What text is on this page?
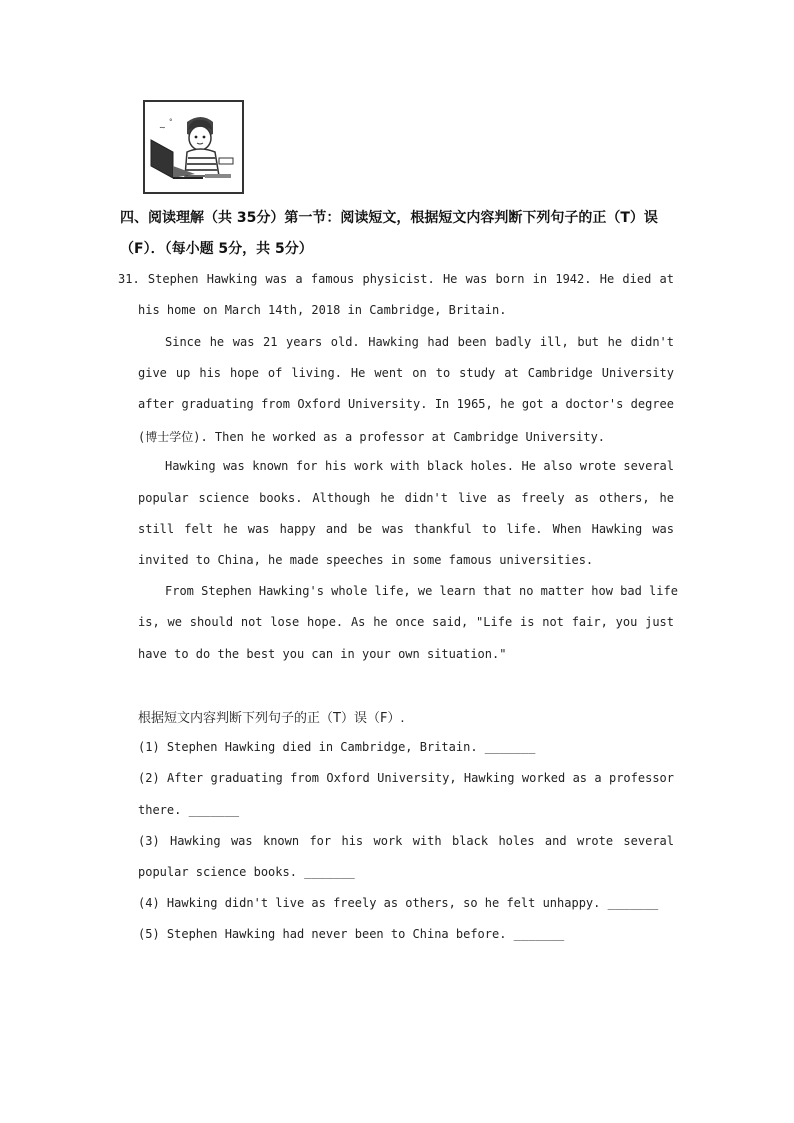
∼
°
四、阅读理解（共 35分）第一节：阅读短文，根据短文内容判断下列句子的正（T）误
（F）．（每小题 5分，共 5分）
31. Stephen Hawking was a famous physicist. He was born in 1942. He died at
his home on March 14th, 2018 in Cambridge, Britain.
Since he was 21 years old. Hawking had been badly ill, but he didn't
give up his hope of living. He went on to study at Cambridge University
after graduating from Oxford University. In 1965, he got a doctor's degree
(博士学位). Then he worked as a professor at Cambridge University.
Hawking was known for his work with black holes. He also wrote several
popular science books. Although he didn't live as freely as others, he
still felt he was happy and be was thankful to life. When Hawking was
invited to China, he made speeches in some famous universities.
From Stephen Hawking's whole life, we learn that no matter how bad life
is, we should not lose hope. As he once said, "Life is not fair, you just
have to do the best you can in your own situation."
根据短文内容判断下列句子的正（T）误（F）.
(1) Stephen Hawking died in Cambridge, Britain. _______
(2) After graduating from Oxford University, Hawking worked as a professor
there. _______
(3) Hawking was known for his work with black holes and wrote several
popular science books. _______
(4) Hawking didn't live as freely as others, so he felt unhappy. _______
(5) Stephen Hawking had never been to China before. _______
